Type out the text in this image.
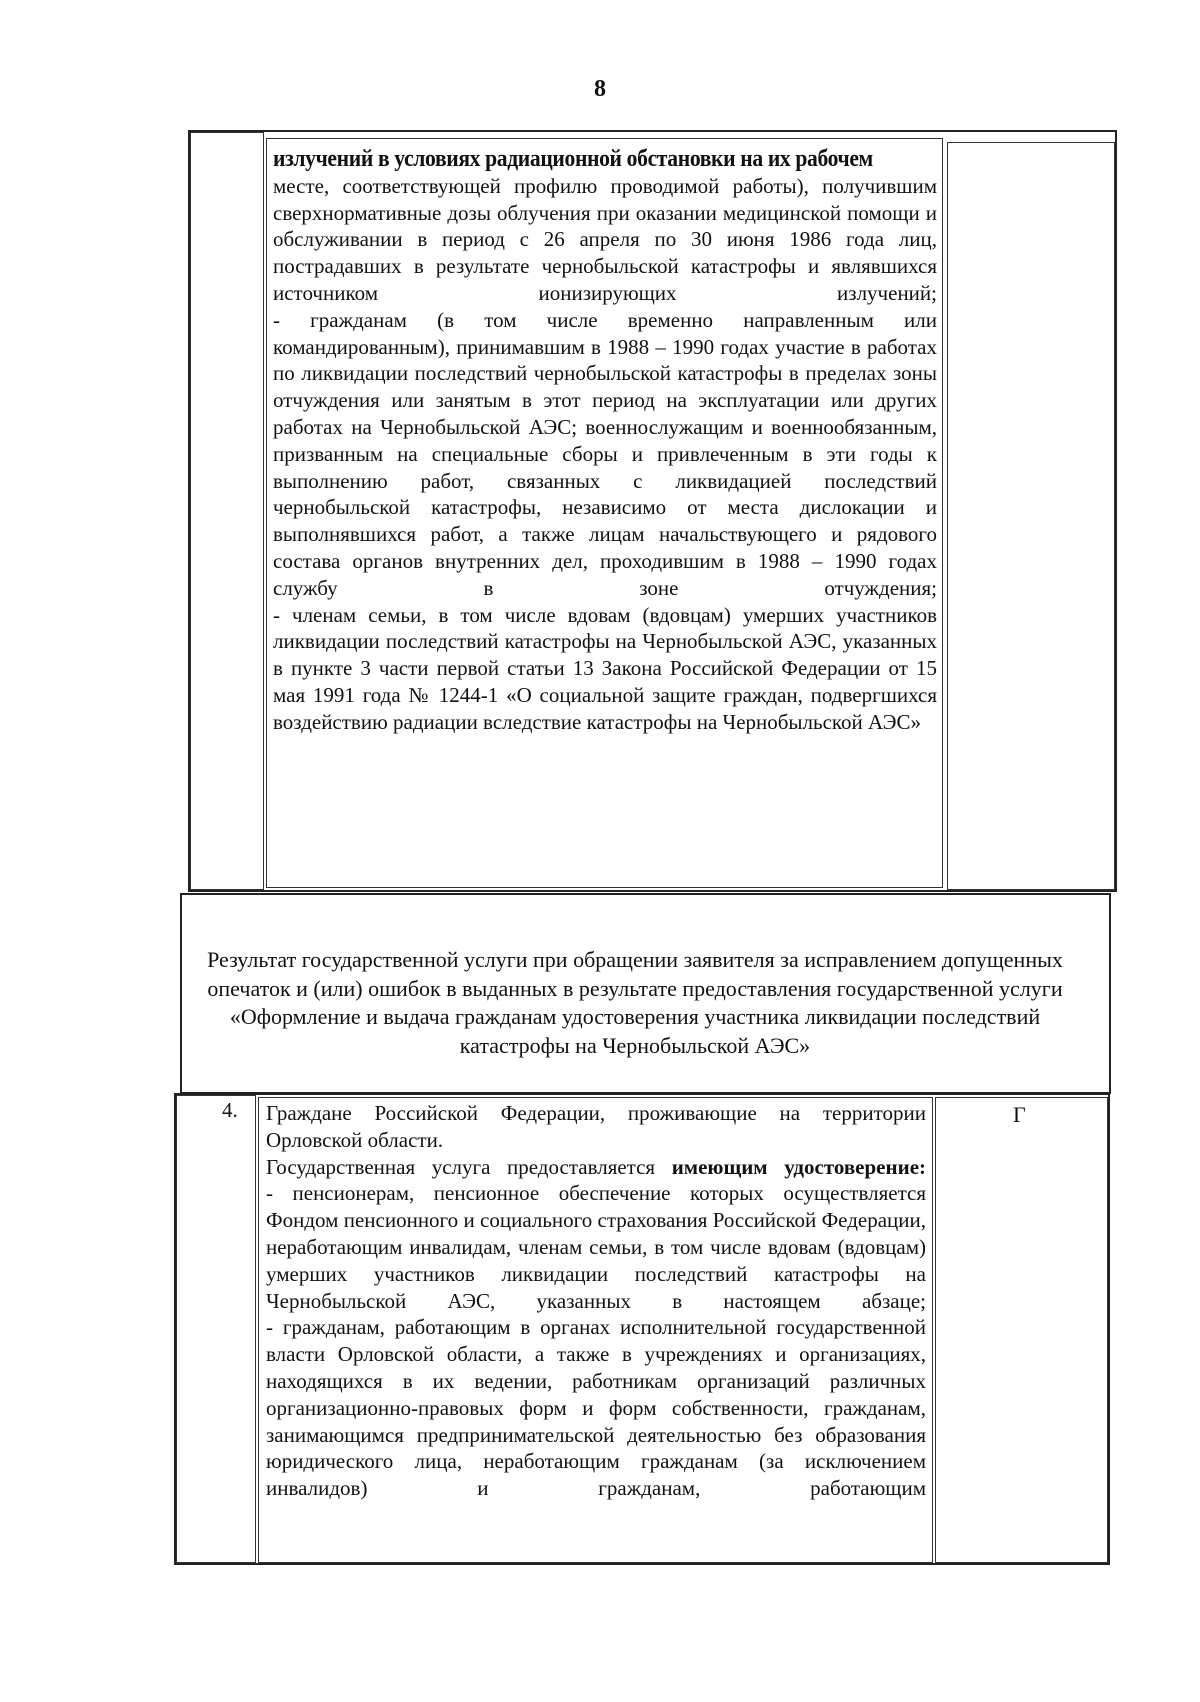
8

излучений в условиях радиационной обстановки на их рабочем

месте, соответствующей профилю проводимой работы), получившим сверхнормативные дозы облучения при оказании медицинской помощи и обслуживании в период с 26 апреля по 30 июня 1986 года лиц, пострадавших в результате чернобыльской катастрофы и являвшихся источником ионизирующих излучений;

- гражданам (в том числе временно направленным или командированным), принимавшим в 1988 – 1990 годах участие в работах по ликвидации последствий чернобыльской катастрофы в пределах зоны отчуждения или занятым в этот период на эксплуатации или других работах на Чернобыльской АЭС; военнослужащим и военнообязанным, призванным на специальные сборы и привлеченным в эти годы к выполнению работ, связанных с ликвидацией последствий чернобыльской катастрофы, независимо от места дислокации и выполнявшихся работ, а также лицам начальствующего и рядового состава органов внутренних дел, проходившим в 1988 – 1990 годах службу в зоне отчуждения;

- членам семьи, в том числе вдовам (вдовцам) умерших участников ликвидации последствий катастрофы на Чернобыльской АЭС, указанных в пункте 3 части первой статьи 13 Закона Российской Федерации от 15 мая 1991 года № 1244-1 «О социальной защите граждан, подвергшихся воздействию радиации вследствие катастрофы на Чернобыльской АЭС»

Результат государственной услуги при обращении заявителя за исправлением допущенных опечаток и (или) ошибок в выданных в результате предоставления государственной услуги «Оформление и выдача гражданам удостоверения участника ликвидации последствий катастрофы на Чернобыльской АЭС»
4.	Г

Граждане Российской Федерации, проживающие на территории Орловской области.

Государственная услуга предоставляется имеющим удостоверение:

- пенсионерам, пенсионное обеспечение которых осуществляется Фондом пенсионного и социального страхования Российской Федерации, неработающим инвалидам, членам семьи, в том числе вдовам (вдовцам) умерших участников ликвидации последствий катастрофы на Чернобыльской АЭС, указанных в настоящем абзаце;

- гражданам, работающим в органах исполнительной государственной власти Орловской области, а также в учреждениях и организациях, находящихся в их ведении, работникам организаций различных организационно-правовых форм и форм собственности, гражданам, занимающимся предпринимательской деятельностью без образования юридического лица, неработающим гражданам (за исключением инвалидов) и гражданам, работающим
